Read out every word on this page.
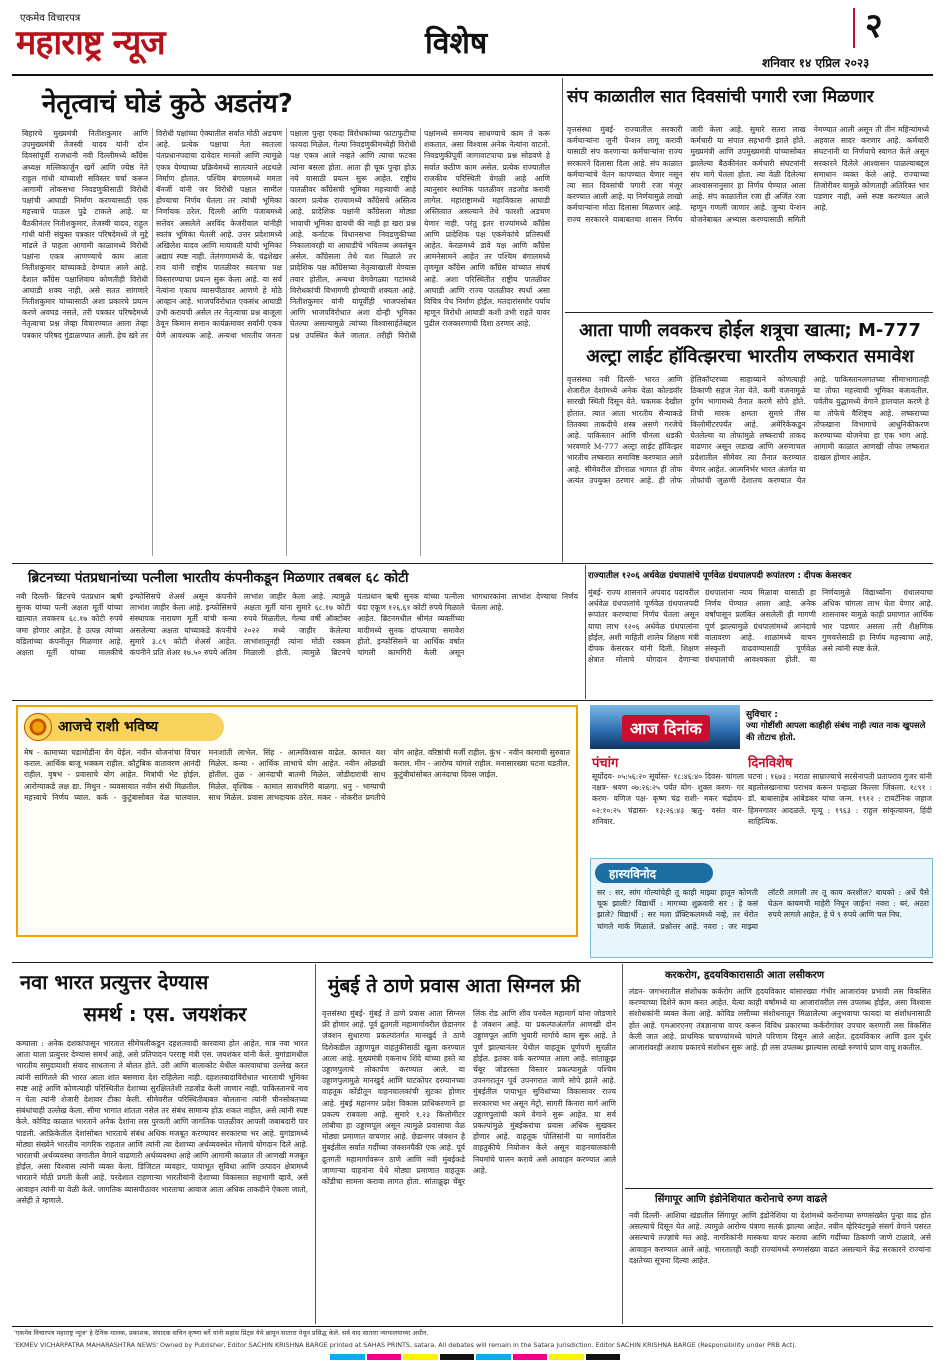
एकमेव विचारपत्र
महाराष्ट्र न्यूज	विशेष	२
शनिवार १४ एप्रिल २०२३
नेतृत्वाचं घोडं कुठे अडतंय?
बिहारचे मुख्यमंत्री नितीशकुमार आणि उपमुख्यमंत्री तेजस्वी यादव यांनी दोन दिवसांपूर्वी राजधानी नवी दिल्लीमध्ये काँग्रेस अध्यक्ष मल्लिकार्जुन खर्गे आणि ज्येष्ठ नेते राहुल गांधी यांच्याशी सविस्तर चर्चा करून आगामी लोकसभा निवडणुकीसाठी विरोधी पक्षांची आघाडी निर्माण करण्यासाठी एक महत्त्वाचे पाऊल पुढे टाकले आहे. या बैठकीनंतर नितीशकुमार, तेजस्वी यादव, राहुल गांधी यांनी संयुक्त पत्रकार परिषदेमध्ये जे मुद्दे मांडले ते पाहता आगामी काळामध्ये विरोधी पक्षांना एकत्र आणण्याचे काम आता नितीशकुमार यांच्याकडे देण्यात आले आहे. देशात काँग्रेस पक्षाशिवाय कोणतीही विरोधी आघाडी शक्य नाही, असे सतत सांगणारे नितीशकुमार यांच्यासाठी अशा प्रकारचे प्रयत्न करणे अवघड नसले, तरी पत्रकार परिषदेमध्ये नेतृत्वाचा प्रश्न जेव्हा विचारण्यात आला तेव्हा पत्रकार परिषद गुंडाळण्यात आली. हेच खरे तर विरोधी पक्षांच्या ऐक्यातील सर्वात मोठी अडचण आहे. प्रत्येक पक्षाचा नेता स्वतःला पंतप्रधानपदाचा दावेदार मानतो आणि त्यामुळे एकत्र येण्याच्या प्रक्रियेमध्ये सातत्याने अडथळे निर्माण होतात. पश्चिम बंगालमध्ये ममता बॅनर्जी यांनी जर विरोधी पक्षात सामील होण्याचा निर्णय घेतला तर त्यांची भूमिका निर्णायक ठरेल. दिल्ली आणि पंजाबमध्ये सत्तेवर असलेले अरविंद केजरीवाल यांनीही स्वतंत्र भूमिका घेतली आहे. उत्तर प्रदेशामध्ये अखिलेश यादव आणि मायावती यांची भूमिका अद्याप स्पष्ट नाही. तेलंगणामध्ये के. चंद्रशेखर राव यांनी राष्ट्रीय पातळीवर स्वतःचा पक्ष विस्तारण्याचा प्रयत्न सुरू केला आहे. या सर्व नेत्यांना एकाच व्यासपीठावर आणणे हे मोठे आव्हान आहे. भाजपविरोधात एकसंध आघाडी उभी करायची असेल तर नेतृत्वाचा प्रश्न बाजूला ठेवून किमान समान कार्यक्रमावर सर्वांनी एकत्र येणे आवश्यक आहे. अन्यथा भारतीय जनता पक्षाला पुन्हा एकदा विरोधकांच्या फाटाफुटीचा फायदा मिळेल. गेल्या निवडणुकीमध्येही विरोधी पक्ष एकत्र आले नव्हते आणि त्याचा फटका त्यांना बसला होता. आता ही चूक पुन्हा होऊ नये यासाठी प्रयत्न सुरू आहेत. राष्ट्रीय पातळीवर काँग्रेसची भूमिका महत्त्वाची आहे कारण प्रत्येक राज्यामध्ये काँग्रेसचे अस्तित्व आहे. प्रादेशिक पक्षांनी काँग्रेसला मोठ्या भावाची भूमिका द्यायची की नाही हा खरा प्रश्न आहे. कर्नाटक विधानसभा निवडणुकीच्या निकालावरही या आघाडीचे भवितव्य अवलंबून असेल. काँग्रेसला तेथे यश मिळाले तर प्रादेशिक पक्ष काँग्रेसच्या नेतृत्वाखाली येण्यास तयार होतील, अन्यथा वेगवेगळ्या गटांमध्ये विरोधकांची विभागणी होण्याची शक्यता आहे. नितीशकुमार यांनी यापूर्वीही भाजपसोबत आणि भाजपविरोधात अशा दोन्ही भूमिका घेतल्या असल्यामुळे त्यांच्या विश्वासार्हतेबद्दल प्रश्न उपस्थित केले जातात. तरीही विरोधी पक्षांमध्ये समन्वय साधण्याचे काम ते करू शकतात, असा विश्वास अनेक नेत्यांना वाटतो. निवडणुकीपूर्वी जागावाटपाचा प्रश्न सोडवणे हे सर्वात कठीण काम असेल. प्रत्येक राज्यातील राजकीय परिस्थिती वेगळी आहे आणि त्यानुसार स्थानिक पातळीवर तडजोड करावी लागेल. महाराष्ट्रामध्ये महाविकास आघाडी अस्तित्वात असल्याने तेथे फारशी अडचण येणार नाही, परंतु इतर राज्यांमध्ये काँग्रेस आणि प्रादेशिक पक्ष एकमेकांचे प्रतिस्पर्धी आहेत. केरळमध्ये डावे पक्ष आणि काँग्रेस आमनेसामने आहेत तर पश्चिम बंगालमध्ये तृणमूल काँग्रेस आणि काँग्रेस यांच्यात संघर्ष आहे. अशा परिस्थितीत राष्ट्रीय पातळीवर आघाडी आणि राज्य पातळीवर स्पर्धा असा विचित्र पेच निर्माण होईल. मतदारांसमोर पर्याय म्हणून विरोधी आघाडी कशी उभी राहते यावर पुढील राजकारणाची दिशा ठरणार आहे.
संप काळातील सात दिवसांची पगारी रजा मिळणार
वृत्तसंस्था मुंबई- राज्यातील सरकारी कर्मचाऱ्यांना जुनी पेन्शन लागू करावी यासाठी संप करणाऱ्या कर्मचाऱ्यांना राज्य सरकारने दिलासा दिला आहे. संप काळात कर्मचाऱ्यांचे वेतन कापण्यात येणार नसून त्या सात दिवसांची पगारी रजा मंजूर करण्यात आली आहे. या निर्णयामुळे लाखो कर्मचाऱ्यांना मोठा दिलासा मिळणार आहे. राज्य सरकारने याबाबतचा शासन निर्णय जारी केला आहे. सुमारे सतरा लाख कर्मचारी या संपात सहभागी झाले होते. मुख्यमंत्री आणि उपमुख्यमंत्री यांच्यासोबत झालेल्या बैठकीनंतर कर्मचारी संघटनांनी संप मागे घेतला होता. त्या वेळी दिलेल्या आश्वासनानुसार हा निर्णय घेण्यात आला आहे. संप काळातील रजा ही अर्जित रजा म्हणून गणली जाणार आहे. जुन्या पेन्शन योजनेबाबत अभ्यास करण्यासाठी समिती नेमण्यात आली असून ती तीन महिन्यांमध्ये अहवाल सादर करणार आहे. कर्मचारी संघटनांनी या निर्णयाचे स्वागत केले असून सरकारने दिलेले आश्वासन पाळल्याबद्दल समाधान व्यक्त केले आहे. राज्याच्या तिजोरीवर यामुळे कोणताही अतिरिक्त भार पडणार नाही, असे स्पष्ट करण्यात आले आहे.
आता पाणी लवकरच होईल शत्रूचा खात्मा; M-777 अल्ट्रा लाईट हॉवित्झरचा भारतीय लष्करात समावेश
वृत्तसंस्था नवी दिल्ली- भारत आणि शेजारील देशांमध्ये अनेक वेळा कोल्डवॉर सारखी स्थिती दिसून येते. चकमक देखील होतात. त्यात आता भारतीय सैन्याकडे तितक्या ताकदीचे शस्त्र असणे गरजेचे आहे. पाकिस्तान आणि चीनला धडकी भरवणारे M-777 अल्ट्रा लाईट हॉवित्झर भारतीय लष्करात समाविष्ट करण्यात आले आहे. सीमेवरील डोंगराळ भागात ही तोफ अत्यंत उपयुक्त ठरणार आहे. ही तोफ हेलिकॉप्टरच्या साहाय्याने कोणत्याही ठिकाणी सहज नेता येते. कमी वजनामुळे दुर्गम भागामध्ये तैनात करणे सोपे होते. तिची मारक क्षमता सुमारे तीस किलोमीटरपर्यंत आहे. अमेरिकेकडून घेतलेल्या या तोफांमुळे लष्कराची ताकद वाढणार असून लडाख आणि अरुणाचल प्रदेशातील सीमेवर त्या तैनात करण्यात येणार आहेत. आत्मनिर्भर भारत अंतर्गत या तोफांची जुळणी देशातच करण्यात येत आहे. पाकिस्तानलगतच्या सीमाभागातही या तोफा महत्त्वाची भूमिका बजावतील. पर्वतीय युद्धामध्ये वेगाने हालचाल करणे हे या तोफेचे वैशिष्ट्य आहे. लष्कराच्या तोफखाना विभागाचे आधुनिकीकरण करण्याच्या योजनेचा हा एक भाग आहे. आगामी काळात आणखी तोफा लष्करात दाखल होणार आहेत.
ब्रिटनच्या पंतप्रधानांच्या पत्नीला भारतीय कंपनीकडून मिळणार तबबल ६८ कोटी
नवी दिल्ली- ब्रिटनचे पंतप्रधान ऋषी सुनक यांच्या पत्नी अक्षता मूर्ती यांच्या खात्यात लवकरच ६८.१७ कोटी रुपये जमा होणार आहेत. हे उत्पन्न त्यांच्या वडिलांच्या कंपनीतून मिळणार आहे. अक्षता मूर्ती यांच्या मालकीचे इन्फोसिसचे शेअर्स असून कंपनीने लाभांश जाहीर केला आहे. इन्फोसिसचे संस्थापक नारायण मूर्ती यांची कन्या असलेल्या अक्षता यांच्याकडे कंपनीचे सुमारे ३.८९ कोटी शेअर्स आहेत. कंपनीने प्रति शेअर १७.५० रुपये अंतिम लाभांश जाहीर केला आहे. त्यामुळे अक्षता मूर्ती यांना सुमारे ६८.१७ कोटी रुपये मिळतील. गेल्या वर्षी ऑक्टोबर २०२२ मध्ये जाहीर केलेल्या लाभांशातूनही त्यांना मोठी रक्कम मिळाली होती. त्यामुळे ब्रिटनचे पंतप्रधान ऋषी सुनक यांच्या पत्नीला यंदा एकूण १२६.६१ कोटी रुपये मिळाले आहेत. ब्रिटनमधील श्रीमंत व्यक्तींच्या यादीमध्ये सुनक दांपत्याचा समावेश होतो. इन्फोसिसने या आर्थिक वर्षात चांगली कामगिरी केली असून भागधारकांना लाभांश देण्याचा निर्णय घेतला आहे.
राज्यातील १२०६ अर्धवेळ ग्रंथपालांचे पूर्णवेळ ग्रंथपालपदी रूपांतरण : दीपक केसरकर
मुंबई- राज्य शासनाने अपवाद पदावरील अर्धवेळ ग्रंथपालांचे पूर्णवेळ ग्रंथपालपदी रूपांतर करण्याचा निर्णय घेतला असून याचा लाभ १२०६ अर्धवेळ ग्रंथपालांना होईल, अशी माहिती शालेय शिक्षण मंत्री दीपक केसरकर यांनी दिली. शिक्षण क्षेत्रात मोलाचे योगदान देणाऱ्या ग्रंथपालांना न्याय मिळावा यासाठी हा निर्णय घेण्यात आला आहे. अनेक वर्षांपासून प्रलंबित असलेली ही मागणी पूर्ण झाल्यामुळे ग्रंथपालांमध्ये आनंदाचे वातावरण आहे. शाळांमध्ये वाचन संस्कृती वाढवण्यासाठी पूर्णवेळ ग्रंथपालांची आवश्यकता होती. या निर्णयामुळे विद्यार्थ्यांना ग्रंथालयाचा अधिक चांगला लाभ घेता येणार आहे. शासनावर यामुळे काही प्रमाणात आर्थिक भार पडणार असला तरी शैक्षणिक गुणवत्तेसाठी हा निर्णय महत्त्वाचा आहे, असे त्यांनी स्पष्ट केले.
आजचे राशी भविष्य
मेष - कामाच्या घडामोडींना वेग येईल. नवीन योजनांचा विचार कराल. आर्थिक बाजू भक्कम राहील. कौटुंबिक वातावरण आनंदी राहील. वृषभ - प्रवासाचे योग आहेत. मित्रांची भेट होईल. आरोग्याकडे लक्ष द्या. मिथुन - व्यवसायात नवीन संधी मिळतील. महत्त्वाचे निर्णय घ्याल. कर्क - कुटुंबासोबत वेळ घालवाल. मनःशांती लाभेल. सिंह - आत्मविश्वास वाढेल. कामात यश मिळेल. कन्या - आर्थिक लाभाचे योग आहेत. नवीन ओळखी होतील. तुळ - आनंदाची बातमी मिळेल. जोडीदाराची साथ मिळेल. वृश्चिक - कामात सावधगिरी बाळगा. धनु - भाग्याची साथ मिळेल. प्रवास लाभदायक ठरेल. मकर - नोकरीत प्रगतीचे योग आहेत. वरिष्ठांची मर्जी राहील. कुंभ - नवीन कामाची सुरुवात कराल. मीन - आरोग्य चांगले राहील. मनासारख्या घटना घडतील. कुटुंबीयांसोबत आनंदाचा दिवस जाईल.
आज दिनांक
सुविचार :
ज्या गोष्टींशी आपला काहीही संबंध नाही त्यात नाक खुपसले की तोटाच होतो.
पंचांग
सूर्योदय- ०५:५६:२० सूर्यास्त- १८:४६:४० दिवस- चांगला नक्षत्र- श्रवण ०७:२६:२५ पर्यंत योग- शुक्ल करण- गर करण- वणिज पक्ष- कृष्ण चंद्र राशी- मकर चंद्रोदय- ०२:१०:२५ चंद्रास्त- १३:२६:४३ ऋतु- वसंत वार- शनिवार.
दिनविशेष
घटना : १६७३ : मराठा साम्राज्याचे सरसेनापती प्रतापराव गुजर यांनी बहलोलखानाचा पराभव करून पन्हाळा किल्ला जिंकला. १८९१ : डॉ. बाबासाहेब आंबेडकर यांचा जन्म. १९१२ : टायटॅनिक जहाज हिमनगावर आदळले. मृत्यू : १९६३ : राहुल सांकृत्यायन, हिंदी साहित्यिक.
हास्यविनोद
सर : सर, सांग गोल्यांचेही तू काही माझ्या हातून कोणती चूक झाली? विद्यार्थी : मागच्या शुक्रवारी सर : हे कसं झाले? विद्यार्थी : सर मला प्रॅक्टिकलमध्ये नव्हे, तर थेरोत चांगले मार्क मिळाले. प्रश्नोत्तर आहे. नवरा : जर माझ्या लॉटरी लागली तर तू काय करशील? बायको : अर्धे पैसे घेऊन कायमची माहेरी निघून जाईन! नवरा : बरं, अठरा रुपये लागले आहेत, हे घे ९ रुपये आणि चल निघ.
नवा भारत प्रत्युत्तर देण्यास
समर्थ : एस. जयशंकर
कम्पाला : अनेक दशकांपासून भारतात सीमेपलीकडून दहशतवादी कारवाया होत आहेत, मात्र नवा भारत आता याला प्रत्युत्तर देण्यास समर्थ आहे, असे प्रतिपादन परराष्ट्र मंत्री एस. जयशंकर यांनी केले. युगांडामधील भारतीय समुदायाशी संवाद साधताना ते बोलत होते. उरी आणि बालाकोट येथील कारवायांचा उल्लेख करत त्यांनी सांगितले की भारत आता शांत बसणारा देश राहिलेला नाही. दहशतवादाविरोधात भारताची भूमिका स्पष्ट आहे आणि कोणत्याही परिस्थितीत देशाच्या सुरक्षिततेशी तडजोड केली जाणार नाही. पाकिस्तानचे नाव न घेता त्यांनी शेजारी देशावर टीका केली. सीमेवरील परिस्थितीबाबत बोलताना त्यांनी चीनसोबतच्या संबंधांचाही उल्लेख केला. सीमा भागात शांतता नसेल तर संबंध सामान्य होऊ शकत नाहीत, असे त्यांनी स्पष्ट केले. कोविड काळात भारताने अनेक देशांना लस पुरवली आणि जागतिक पातळीवर आपली जबाबदारी पार पाडली. आफ्रिकेतील देशांसोबत भारताचे संबंध अधिक मजबूत करण्यावर सरकारचा भर आहे. युगांडामध्ये मोठ्या संख्येने भारतीय नागरिक राहतात आणि त्यांनी त्या देशाच्या अर्थव्यवस्थेत मोलाचे योगदान दिले आहे. भारताची अर्थव्यवस्था जगातील वेगाने वाढणारी अर्थव्यवस्था आहे आणि आगामी काळात ती आणखी मजबूत होईल, असा विश्वास त्यांनी व्यक्त केला. डिजिटल व्यवहार, पायाभूत सुविधा आणि उत्पादन क्षेत्रामध्ये भारताने मोठी प्रगती केली आहे. परदेशात राहणाऱ्या भारतीयांनी देशाच्या विकासात सहभागी व्हावे, असे आवाहन त्यांनी या वेळी केले. जागतिक व्यासपीठावर भारताचा आवाज आता अधिक ताकदीने ऐकला जातो, असेही ते म्हणाले.
मुंबई ते ठाणे प्रवास आता सिग्नल फ्री
वृत्तसंस्था मुंबई- मुंबई ते ठाणे प्रवास आता सिग्नल फ्री होणार आहे. पूर्व द्रुतगती महामार्गावरील छेडानगर जंक्शन सुधारणा प्रकल्पांतर्गत मानखुर्द ते ठाणे दिशेकडील उड्डाणपूल वाहतुकीसाठी खुला करण्यात आला आहे. मुख्यमंत्री एकनाथ शिंदे यांच्या हस्ते या उड्डाणपुलाचे लोकार्पण करण्यात आले. या उड्डाणपुलामुळे मानखुर्द आणि घाटकोपर दरम्यानच्या वाहतूक कोंडीतून वाहनचालकांची सुटका होणार आहे. मुंबई महानगर प्रदेश विकास प्राधिकरणाने हा प्रकल्प राबवला आहे. सुमारे १.२३ किलोमीटर लांबीचा हा उड्डाणपूल असून त्यामुळे प्रवासाचा वेळ मोठ्या प्रमाणात वाचणार आहे. छेडानगर जंक्शन हे मुंबईतील सर्वात गर्दीच्या जंक्शनपैकी एक आहे. पूर्व द्रुतगती महामार्गावरून ठाणे आणि नवी मुंबईकडे जाणाऱ्या वाहनांना येथे मोठ्या प्रमाणात वाहतूक कोंडीचा सामना करावा लागत होता. सांताक्रूझ चेंबूर लिंक रोड आणि शीव पनवेल महामार्ग यांना जोडणारे हे जंक्शन आहे. या प्रकल्पाअंतर्गत आणखी दोन उड्डाणपूल आणि भुयारी मार्गाचे काम सुरू आहे. ते पूर्ण झाल्यानंतर येथील वाहतूक पूर्णपणे सुरळीत होईल. इतका वर्क करण्यात आला आहे. सांताक्रूझ चेंबूर जोडरस्ता विस्तार प्रकल्पामुळे पश्चिम उपनगरातून पूर्व उपनगरात जाणे सोपे झाले आहे. मुंबईतील पायाभूत सुविधांच्या विकासावर राज्य सरकारचा भर असून मेट्रो, सागरी किनारा मार्ग आणि उड्डाणपुलांची कामे वेगाने सुरू आहेत. या सर्व प्रकल्पांमुळे मुंबईकरांचा प्रवास अधिक सुखकर होणार आहे. वाहतूक पोलिसांनी या मार्गावरील वाहतुकीचे नियोजन केले असून वाहनचालकांनी नियमांचे पालन करावे असे आवाहन करण्यात आले आहे.
करकरोग, हृदयविकारासाठी आता लसीकरण
लंडन- जगभरातील संशोधक कर्करोग आणि हृदयविकार यांसारख्या गंभीर आजारांवर प्रभावी लस विकसित करण्याच्या दिशेने काम करत आहेत. येत्या काही वर्षांमध्ये या आजारांवरील लस उपलब्ध होईल, असा विश्वास संशोधकांनी व्यक्त केला आहे. कोविड लसीच्या संशोधनातून मिळालेल्या अनुभवाचा फायदा या संशोधनासाठी होत आहे. एमआरएनए तंत्रज्ञानाचा वापर करून विविध प्रकारच्या कर्करोगांवर उपचार करणारी लस विकसित केली जात आहे. प्राथमिक चाचण्यांमध्ये चांगले परिणाम दिसून आले आहेत. हृदयविकार आणि इतर दुर्धर आजारांवरही अशाच प्रकारचे संशोधन सुरू आहे. ही लस उपलब्ध झाल्यास लाखो रुग्णांचे प्राण वाचू शकतील.
सिंगापूर आणि इंडोनेशियात करोनाचे रुग्ण वाढले
नवी दिल्ली- आशिया खंडातील सिंगापूर आणि इंडोनेशिया या देशांमध्ये करोनाच्या रुग्णसंख्येत पुन्हा वाढ होत असल्याचे दिसून येत आहे. त्यामुळे आरोग्य यंत्रणा सतर्क झाल्या आहेत. नवीन व्हेरियंटमुळे संसर्ग वेगाने पसरत असल्याचे तज्ज्ञांचे मत आहे. नागरिकांनी मास्कचा वापर करावा आणि गर्दीच्या ठिकाणी जाणे टाळावे, असे आवाहन करण्यात आले आहे. भारतातही काही राज्यांमध्ये रुग्णसंख्या वाढत असल्याने केंद्र सरकारने राज्यांना दक्षतेच्या सूचना दिल्या आहेत.
'एकमेव विचारपत्र महाराष्ट्र न्यूज' हे दैनिक मालक, प्रकाशक, संपादक सचिन कृष्णा बर्गे यांनी सहास प्रिंट्स येथे छापून सातारा येथून प्रसिद्ध केले. सर्व वाद सातारा न्यायालयाच्या अधीन.
'EKMEV VICHARPATRA MAHARASHTRA NEWS' Owned by Publisher, Editor SACHIN KRISHNA BARGE printed at SAHAS PRINTS, satara. All debates will remain in the Satara jurisdiction. Editor SACHIN KRISHNA BARGE (Responsibility under PRB Act).
